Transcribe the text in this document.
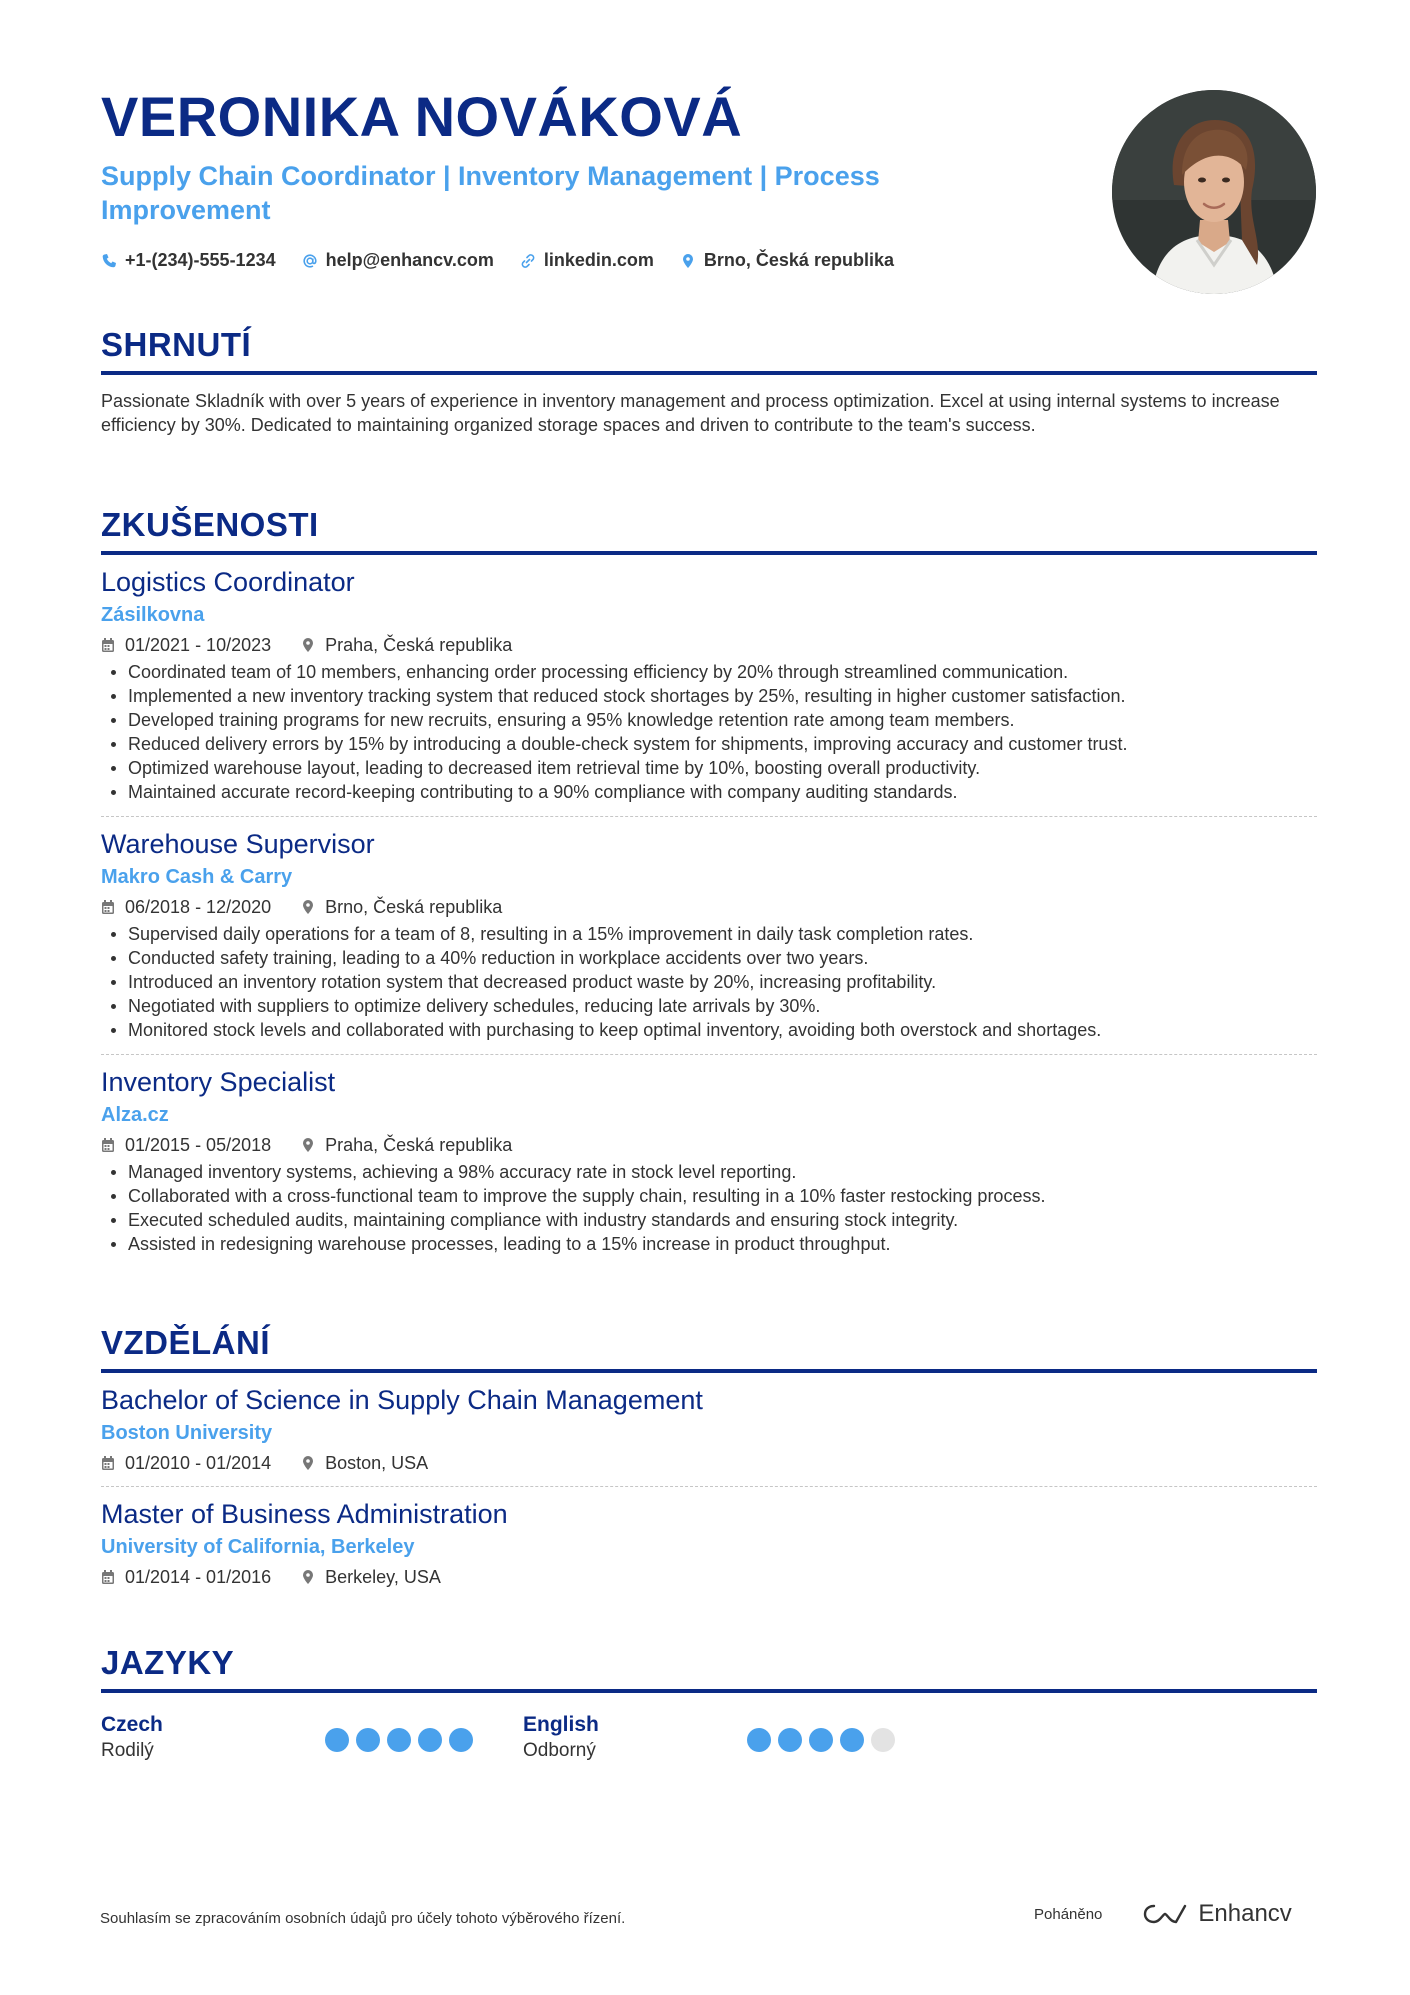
VERONIKA NOVÁKOVÁ
Supply Chain Coordinator | Inventory Management | Process Improvement
+1-(234)-555-1234	help@enhancv.com	linkedin.com	Brno, Česká republika
SHRNUTÍ
Passionate Skladník with over 5 years of experience in inventory management and process optimization. Excel at using internal systems to increase efficiency by 30%. Dedicated to maintaining organized storage spaces and driven to contribute to the team's success.
ZKUŠENOSTI
Logistics Coordinator
Zásilkovna
01/2021 - 10/2023	Praha, Česká republika
Coordinated team of 10 members, enhancing order processing efficiency by 20% through streamlined communication.
Implemented a new inventory tracking system that reduced stock shortages by 25%, resulting in higher customer satisfaction.
Developed training programs for new recruits, ensuring a 95% knowledge retention rate among team members.
Reduced delivery errors by 15% by introducing a double-check system for shipments, improving accuracy and customer trust.
Optimized warehouse layout, leading to decreased item retrieval time by 10%, boosting overall productivity.
Maintained accurate record-keeping contributing to a 90% compliance with company auditing standards.
Warehouse Supervisor
Makro Cash & Carry
06/2018 - 12/2020	Brno, Česká republika
Supervised daily operations for a team of 8, resulting in a 15% improvement in daily task completion rates.
Conducted safety training, leading to a 40% reduction in workplace accidents over two years.
Introduced an inventory rotation system that decreased product waste by 20%, increasing profitability.
Negotiated with suppliers to optimize delivery schedules, reducing late arrivals by 30%.
Monitored stock levels and collaborated with purchasing to keep optimal inventory, avoiding both overstock and shortages.
Inventory Specialist
Alza.cz
01/2015 - 05/2018	Praha, Česká republika
Managed inventory systems, achieving a 98% accuracy rate in stock level reporting.
Collaborated with a cross-functional team to improve the supply chain, resulting in a 10% faster restocking process.
Executed scheduled audits, maintaining compliance with industry standards and ensuring stock integrity.
Assisted in redesigning warehouse processes, leading to a 15% increase in product throughput.
VZDĚLÁNÍ
Bachelor of Science in Supply Chain Management
Boston University
01/2010 - 01/2014	Boston, USA
Master of Business Administration
University of California, Berkeley
01/2014 - 01/2016	Berkeley, USA
JAZYKY
Czech
Rodilý
English
Odborný
Souhlasím se zpracováním osobních údajů pro účely tohoto výběrového řízení.	Poháněno	Enhancv
